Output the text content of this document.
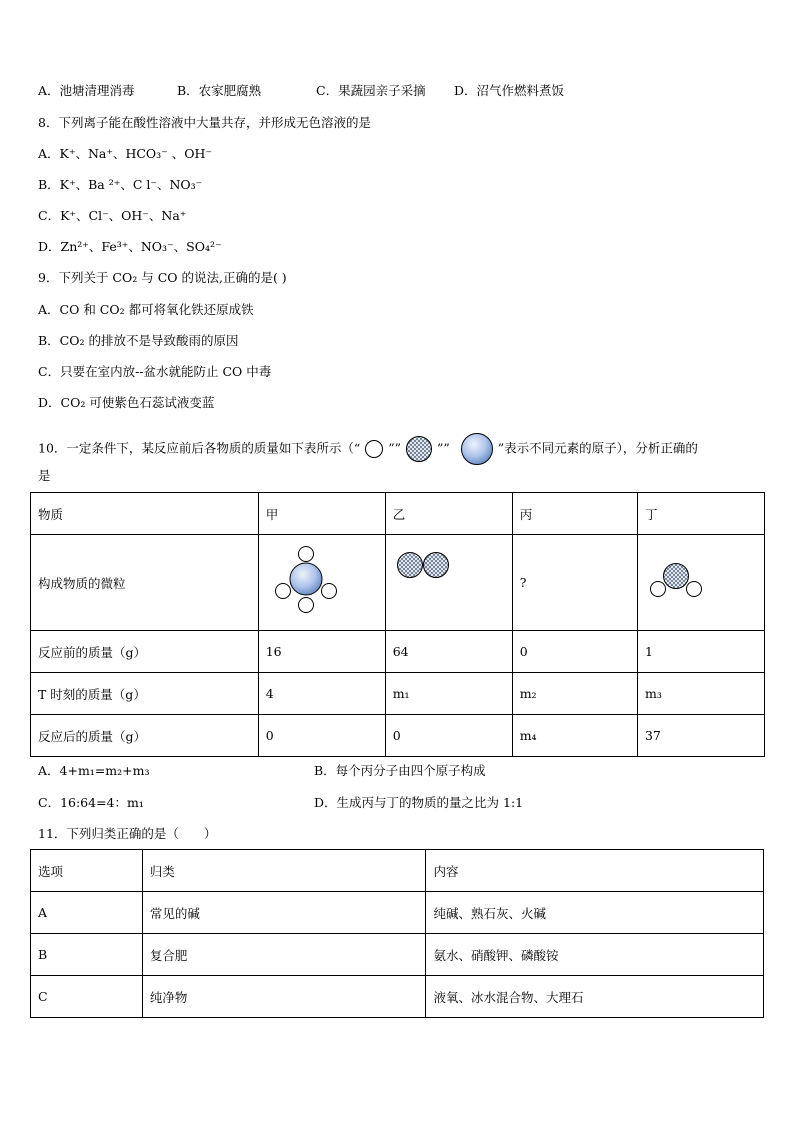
A．池塘清理消毒	B．农家肥腐熟	C．果蔬园亲子采摘 D．沼气作燃料煮饭
8．下列离子能在酸性溶液中大量共存，并形成无色溶液的是
A．K⁺、Na⁺、HCO₃⁻ 、OH⁻
B．K⁺、Ba ²⁺、C l⁻、NO₃⁻
C．K⁺、Cl⁻、OH⁻、Na⁺
D．Zn²⁺、Fe³⁺、NO₃⁻、SO₄²⁻
9．下列关于 CO₂ 与 CO 的说法,正确的是( )
A．CO 和 CO₂ 都可将氧化铁还原成铁
B．CO₂ 的排放不是导致酸雨的原因
C．只要在室内放--盆水就能防止 CO 中毒
D．CO₂ 可使紫色石蕊试液变蓝
10．一定条件下，某反应前后各物质的质量如下表所示（“ ””	””	”表示不同元素的原子），分析正确的
是
物质	甲	乙	丙	丁
构成物质的微粒			?	
反应前的质量（g）	16	64	0	1
T 时刻的质量（g）	4	m₁	m₂	m₃
反应后的质量（g）	0	0	m₄	37
A．4+m₁=m₂+m₃	B．每个丙分子由四个原子构成
C．16:64=4：m₁	D．生成丙与丁的物质的量之比为 1:1
11．下列归类正确的是（　　）
选项	归类	内容
A	常见的碱	纯碱、熟石灰、火碱
B	复合肥	氨水、硝酸钾、磷酸铵
C	纯净物	液氧、冰水混合物、大理石
